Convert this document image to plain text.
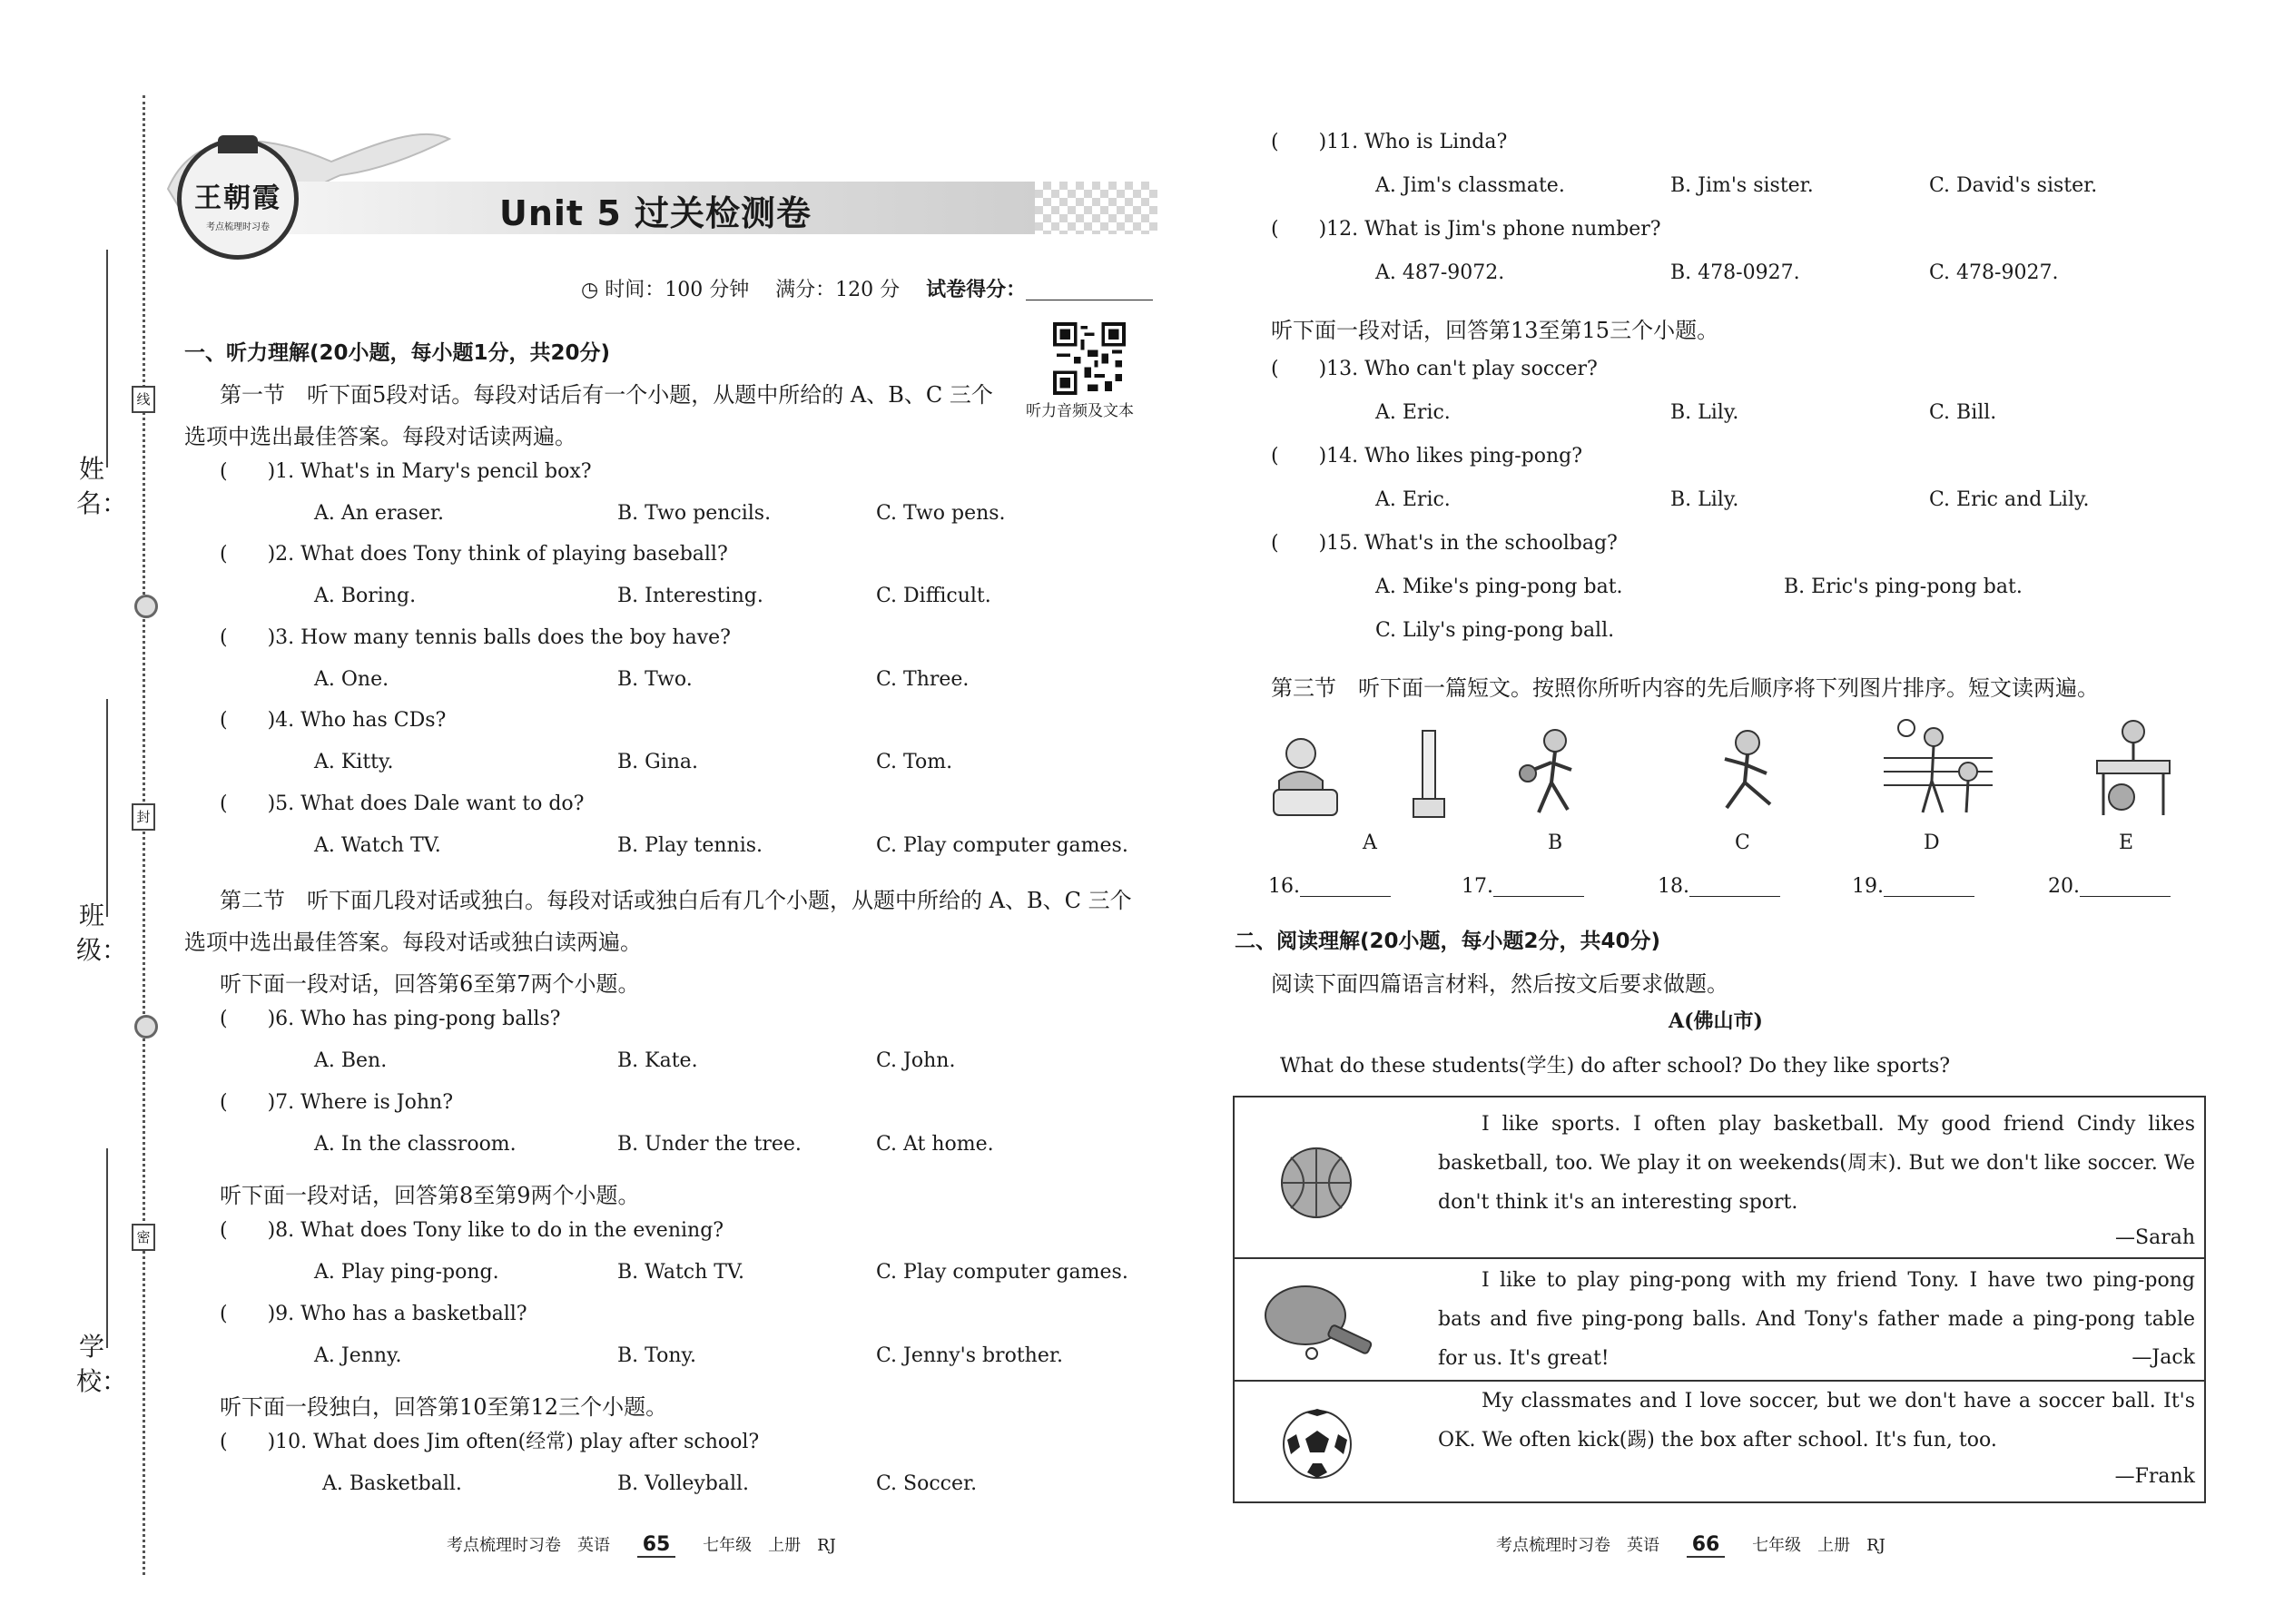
线
封
密
姓名：
班级：
学校：
王朝霞
考点梳理时习卷	Unit 5 过关检测卷
◷ 时间：100 分钟　 满分：120 分 试卷得分：
听力音频及文本
一、听力理解(20小题，每小题1分，共20分)
第一节　听下面5段对话。每段对话后有一个小题，从题中所给的 A、B、C 三个
选项中选出最佳答案。每段对话读两遍。
(　　)1. What's in Mary's pencil box?
A. An eraser.	B. Two pencils.	C. Two pens.
(　　)2. What does Tony think of playing baseball?
A. Boring.	B. Interesting.	C. Difficult.
(　　)3. How many tennis balls does the boy have?
A. One.	B. Two.	C. Three.
(　　)4. Who has CDs?
A. Kitty.	B. Gina.	C. Tom.
(　　)5. What does Dale want to do?
A. Watch TV.	B. Play tennis.	C. Play computer games.
第二节　听下面几段对话或独白。每段对话或独白后有几个小题，从题中所给的 A、B、C 三个
选项中选出最佳答案。每段对话或独白读两遍。
听下面一段对话，回答第6至第7两个小题。
(　　)6. Who has ping-pong balls?
A. Ben.	B. Kate.	C. John.
(　　)7. Where is John?
A. In the classroom.	B. Under the tree.	C. At home.
听下面一段对话，回答第8至第9两个小题。
(　　)8. What does Tony like to do in the evening?
A. Play ping-pong.	B. Watch TV.	C. Play computer games.
(　　)9. Who has a basketball?
A. Jenny.	B. Tony.	C. Jenny's brother.
听下面一段独白，回答第10至第12三个小题。
(　　)10. What does Jim often(经常) play after school?
A. Basketball.	B. Volleyball.	C. Soccer.
考点梳理时习卷　英语 65 七年级　上册　RJ
(　　)11. Who is Linda?
A. Jim's classmate.	B. Jim's sister.	C. David's sister.
(　　)12. What is Jim's phone number?
A. 487-9072.	B. 478-0927.	C. 478-9027.
听下面一段对话，回答第13至第15三个小题。
(　　)13. Who can't play soccer?
A. Eric.	B. Lily.	C. Bill.
(　　)14. Who likes ping-pong?
A. Eric.	B. Lily.	C. Eric and Lily.
(　　)15. What's in the schoolbag?
A. Mike's ping-pong bat.	B. Eric's ping-pong bat.
C. Lily's ping-pong ball.
第三节　听下面一篇短文。按照你所听内容的先后顺序将下列图片排序。短文读两遍。
A	B	C	D	E
16.	17.	18.	19.	20.
二、阅读理解(20小题，每小题2分，共40分)
阅读下面四篇语言材料，然后按文后要求做题。
A(佛山市)
What do these students(学生) do after school? Do they like sports?
I like sports. I often play basketball. My good friend Cindy likes basketball, too. We play it on weekends(周末). But we don't like soccer. We don't think it's an interesting sport.
—Sarah
I like to play ping-pong with my friend Tony. I have two ping-pong bats and five ping-pong balls. And Tony's father made a ping-pong table for us. It's great!	—Jack
My classmates and I love soccer, but we don't have a soccer ball. It's OK. We often kick(踢) the box after school. It's fun, too.
—Frank
考点梳理时习卷　英语 66 七年级　上册　RJ
